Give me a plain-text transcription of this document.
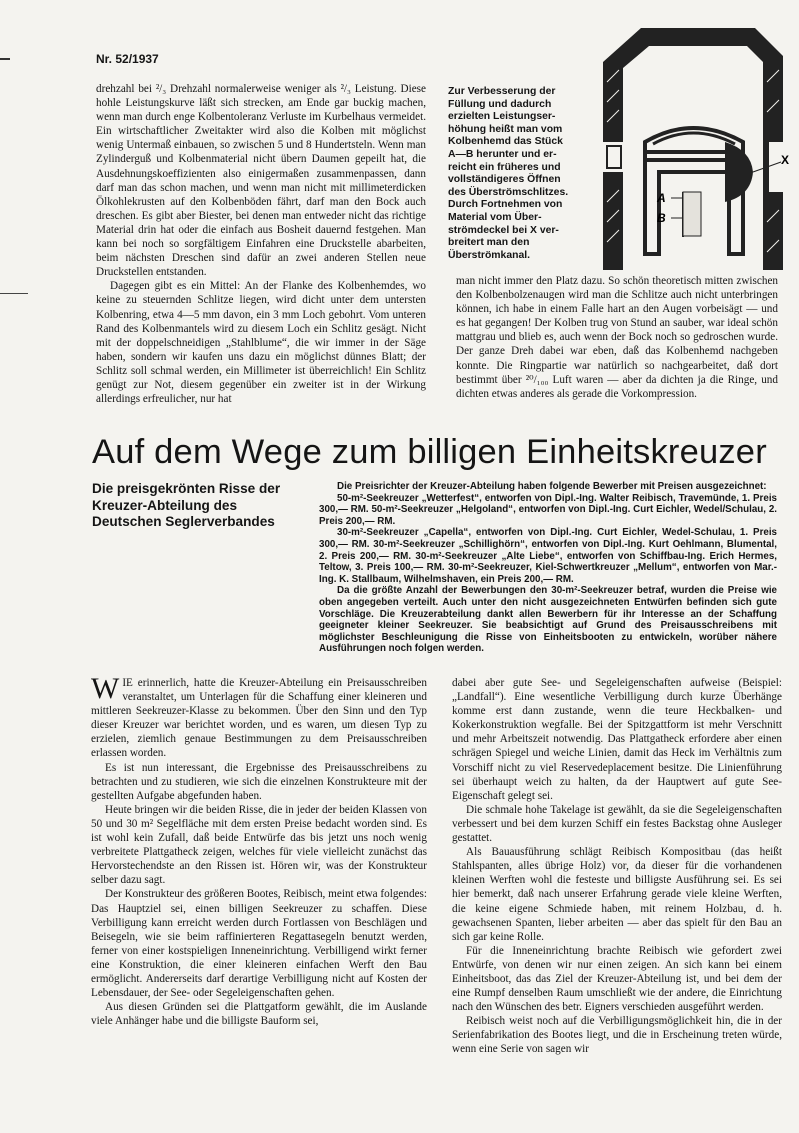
Nr. 52/1937

drehzahl bei ²/₃ Drehzahl normalerweise weniger als ²/₃ Leistung. Diese hohle Leistungskurve läßt sich strecken, am Ende gar buckig machen, wenn man durch enge Kolbentoleranz Verluste im Kurbelhaus vermeidet. Ein wirtschaftlicher Zweitakter wird also die Kolben mit möglichst wenig Untermaß einbauen, so zwischen 5 und 8 Hundertsteln. Wenn man Zylinderguß und Kolbenmaterial nicht übern Daumen gepeilt hat, die Ausdehnungskoeffizienten also einigermaßen zusammenpassen, dann darf man das schon machen, und wenn man nicht mit millimeterdicken Ölkohlekrusten auf den Kolbenböden fährt, darf man den Bock auch dreschen. Es gibt aber Biester, bei denen man entweder nicht das richtige Material drin hat oder die einfach aus Bosheit dauernd festgehen. Man kann bei noch so sorgfältigem Einfahren eine Druckstelle abarbeiten, beim nächsten Dreschen sind dafür an zwei anderen Stellen neue Druckstellen entstanden.

Dagegen gibt es ein Mittel: An der Flanke des Kolbenhemdes, wo keine zu steuernden Schlitze liegen, wird dicht unter dem untersten Kolbenring, etwa 4—5 mm davon, ein 3 mm Loch gebohrt. Vom unteren Rand des Kolbenmantels wird zu diesem Loch ein Schlitz gesägt. Nicht mit der doppelschneidigen „Stahlblume“, die wir immer in der Säge haben, sondern wir kaufen uns dazu ein möglichst dünnes Blatt; der Schlitz soll schmal werden, ein Millimeter ist überreichlich! Ein Schlitz genügt zur Not, diesem gegenüber ein zweiter ist in der Wirkung allerdings erfreulicher, nur hat

Zur Verbesserung der
Füllung und dadurch
erzielten Leistungser-
höhung heißt man vom
Kolbenhemd das Stück
A—B herunter und er-
reicht ein früheres und
vollständigeres Öffnen
des Überströmschlitzes.
Durch Fortnehmen von
Material vom Über-
strömdeckel bei X ver-
breitert man den
Überströmkanal.
A
B
X

man nicht immer den Platz dazu. So schön theoretisch mitten zwischen den Kolbenbolzenaugen wird man die Schlitze auch nicht unterbringen können, ich habe in einem Falle hart an den Augen vorbeisägt — und es hat gegangen! Der Kolben trug von Stund an sauber, war ideal schön mattgrau und blieb es, auch wenn der Bock noch so gedroschen wurde. Der ganze Dreh dabei war eben, daß das Kolbenhemd nachgeben konnte. Die Ringpartie war natürlich so nachgearbeitet, daß dort bestimmt über ²⁰/₁₀₀ Luft waren — aber da dichten ja die Ringe, und dichten etwas anderes als gerade die Vorkompression.

Auf dem Wege zum billigen Einheitskreuzer
Die preisgekrönten Risse der Kreuzer-Abteilung des Deutschen Seglerverbandes

Die Preisrichter der Kreuzer-Abteilung haben folgende Bewerber mit Preisen ausgezeichnet:

50-m²-Seekreuzer „Wetterfest“, entworfen von Dipl.-Ing. Walter Reibisch, Travemünde, 1. Preis 300,— RM. 50-m²-Seekreuzer „Helgoland“, entworfen von Dipl.-Ing. Curt Eichler, Wedel/Schulau, 2. Preis 200,— RM.

30-m²-Seekreuzer „Capella“, entworfen von Dipl.-Ing. Curt Eichler, Wedel-Schulau, 1. Preis 300,— RM. 30-m²-Seekreuzer „Schillighörn“, entworfen von Dipl.-Ing. Kurt Oehlmann, Blumental, 2. Preis 200,— RM. 30-m²-Seekreuzer „Alte Liebe“, entworfen von Schiffbau-Ing. Erich Hermes, Teltow, 3. Preis 100,— RM. 30-m²-Seekreuzer, Kiel-Schwertkreuzer „Mellum“, entworfen von Mar.-Ing. K. Stallbaum, Wilhelmshaven, ein Preis 200,— RM.

Da die größte Anzahl der Bewerbungen den 30-m²-Seekreuzer betraf, wurden die Preise wie oben angegeben verteilt. Auch unter den nicht ausgezeichneten Entwürfen befinden sich gute Vorschläge. Die Kreuzerabteilung dankt allen Bewerbern für ihr Interesse an der Schaffung geeigneter kleiner Seekreuzer. Sie beabsichtigt auf Grund des Preisausschreibens mit möglichster Beschleunigung die Risse von Einheitsbooten zu entwickeln, worüber nähere Ausführungen noch folgen werden.

WIE erinnerlich, hatte die Kreuzer-Abteilung ein Preisausschreiben veranstaltet, um Unterlagen für die Schaffung einer kleineren und mittleren Seekreuzer-Klasse zu bekommen. Über den Sinn und den Typ dieser Kreuzer war berichtet worden, und es waren, um diesen Typ zu erzielen, ziemlich genaue Bestimmungen zu dem Preisausschreiben erlassen worden.

Es ist nun interessant, die Ergebnisse des Preisausschreibens zu betrachten und zu studieren, wie sich die einzelnen Konstrukteure mit der gestellten Aufgabe abgefunden haben.

Heute bringen wir die beiden Risse, die in jeder der beiden Klassen von 50 und 30 m² Segelfläche mit dem ersten Preise bedacht worden sind. Es ist wohl kein Zufall, daß beide Entwürfe das bis jetzt uns noch wenig verbreitete Plattgatheck zeigen, welches für viele vielleicht zunächst das Hervorstechendste an den Rissen ist. Hören wir, was der Konstrukteur selber dazu sagt.

Der Konstrukteur des größeren Bootes, Reibisch, meint etwa folgendes: Das Hauptziel sei, einen billigen Seekreuzer zu schaffen. Diese Verbilligung kann erreicht werden durch Fortlassen von Beschlägen und Beisegeln, wie sie beim raffinierteren Regattasegeln benutzt werden, ferner von einer kostspieligen Inneneinrichtung. Verbilligend wirkt ferner eine Konstruktion, die einer kleineren einfachen Werft den Bau ermöglicht. Andererseits darf derartige Verbilligung nicht auf Kosten der Lebensdauer, der See- oder Segeleigenschaften gehen.

Aus diesen Gründen sei die Plattgatform gewählt, die im Auslande viele Anhänger habe und die billigste Bauform sei,

dabei aber gute See- und Segeleigenschaften aufweise (Beispiel: „Landfall“). Eine wesentliche Verbilligung durch kurze Überhänge komme erst dann zustande, wenn die teure Heckbalken- und Kokerkonstruktion wegfalle. Bei der Spitzgattform ist mehr Verschnitt und mehr Arbeitszeit notwendig. Das Plattgatheck erfordere aber einen schrägen Spiegel und weiche Linien, damit das Heck im Verhältnis zum Vorschiff nicht zu viel Reservedeplacement besitze. Die Linienführung sei überhaupt weich zu halten, da der Hauptwert auf gute See-Eigenschaft gelegt sei.

Die schmale hohe Takelage ist gewählt, da sie die Segeleigenschaften verbessert und bei dem kurzen Schiff ein festes Backstag ohne Ausleger gestattet.

Als Bauausführung schlägt Reibisch Kompositbau (das heißt Stahlspanten, alles übrige Holz) vor, da dieser für die vorhandenen kleinen Werften wohl die festeste und billigste Ausführung sei. Es sei hier bemerkt, daß nach unserer Erfahrung gerade viele kleine Werften, die keine eigene Schmiede haben, mit reinem Holzbau, d. h. gewachsenen Spanten, lieber arbeiten — aber das spielt für den Bau an sich gar keine Rolle.

Für die Inneneinrichtung brachte Reibisch wie gefordert zwei Entwürfe, von denen wir nur einen zeigen. An sich kann bei einem Einheitsboot, das das Ziel der Kreuzer-Abteilung ist, und bei dem der eine Rumpf denselben Raum umschließt wie der andere, die Einrichtung nach den Wünschen des betr. Eigners verschieden ausgeführt werden.

Reibisch weist noch auf die Verbilligungsmöglichkeit hin, die in der Serienfabrikation des Bootes liegt, und die in Erscheinung treten würde, wenn eine Serie von sagen wir
